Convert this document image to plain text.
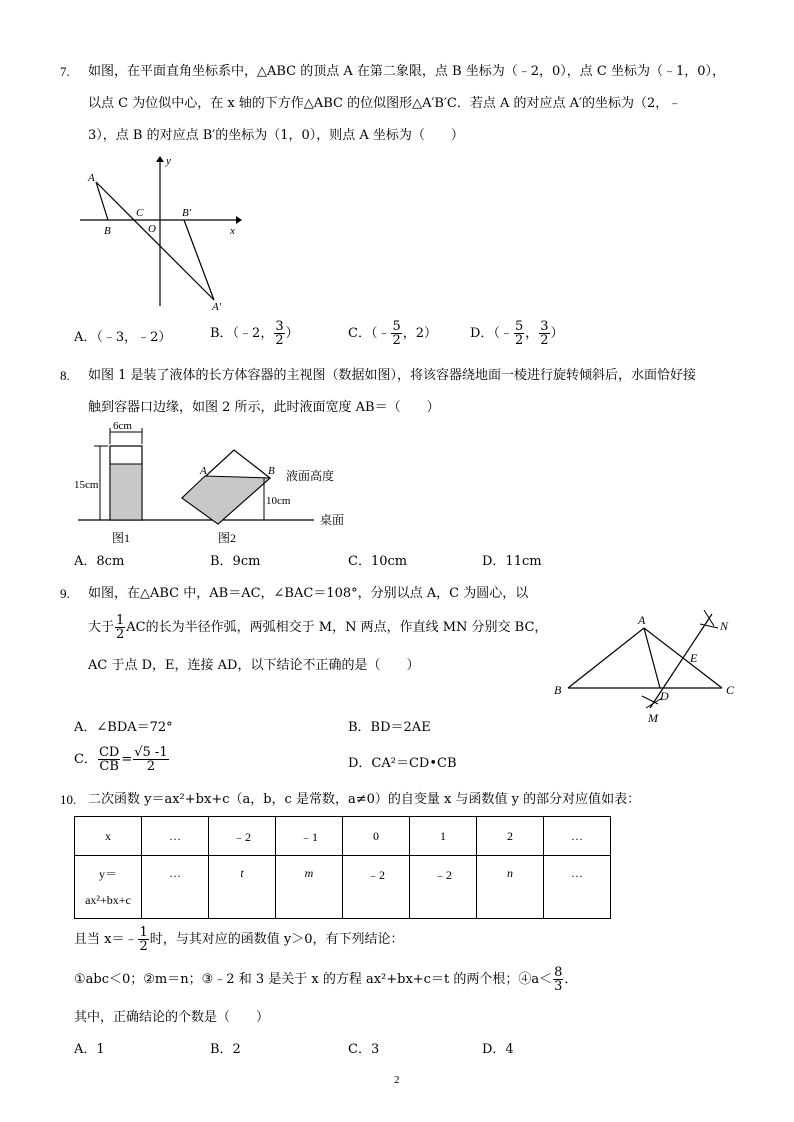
7. 如图，在平面直角坐标系中，△ABC 的顶点 A 在第二象限，点 B 坐标为（﹣2，0），点 C 坐标为（﹣1，0），
以点 C 为位似中心，在 x 轴的下方作△ABC 的位似图形△A′B′C．若点 A 的对应点 A′的坐标为（2，﹣
3），点 B 的对应点 B′的坐标为（1，0），则点 A 坐标为（　　）
A
B
C
O
B′
A′
x
y
A．（﹣3，﹣2）	B．（﹣2， $\frac{3}{2}$ ）	C．（﹣ $\frac{5}{2}$ ，2）	D．（﹣ $\frac{5}{2}$ ， $\frac{3}{2}$ ）
8. 如图 1 是装了液体的长方体容器的主视图（数据如图），将该容器绕地面一棱进行旋转倾斜后，水面恰好接
触到容器口边缘，如图 2 所示，此时液面宽度 AB＝（　　）
6cm
15cm
A	B 液面高度
10cm
桌面
图1	图2
A．8cm	B．9cm	C．10cm	D．11cm
9. 如图，在△ABC 中，AB＝AC，∠BAC＝108°，分别以点 A，C 为圆心，以
大于 $\frac{1}{2}$ AC的长为半径作弧，两弧相交于 M，N 两点，作直线 MN 分别交 BC，
AC 于点 D，E，连接 AD，以下结论不正确的是（　　）
A
B	C
D
E
M
N
A．∠BDA＝72°	B．BD＝2AE
C． $\frac{CD}{CB} = \frac{√5 -1}{2}$	D．CA²＝CD•CB
10. 二次函数 y＝ax²+bx+c（a，b，c 是常数，a≠0）的自变量 x 与函数值 y 的部分对应值如表：
x	…	﹣2	﹣1	0	1	2	…
y＝
ax²+bx+c	…	t	m	﹣2	﹣2	n	…
且当 x＝﹣ $\frac{1}{2}$ 时，与其对应的函数值 y＞0，有下列结论：
①abc＜0；②m＝n；③﹣2 和 3 是关于 x 的方程 ax²+bx+c＝t 的两个根；④a＜ $\frac{8}{3}$ ．
其中，正确结论的个数是（　　）
A．1	B．2	C．3	D．4
2
